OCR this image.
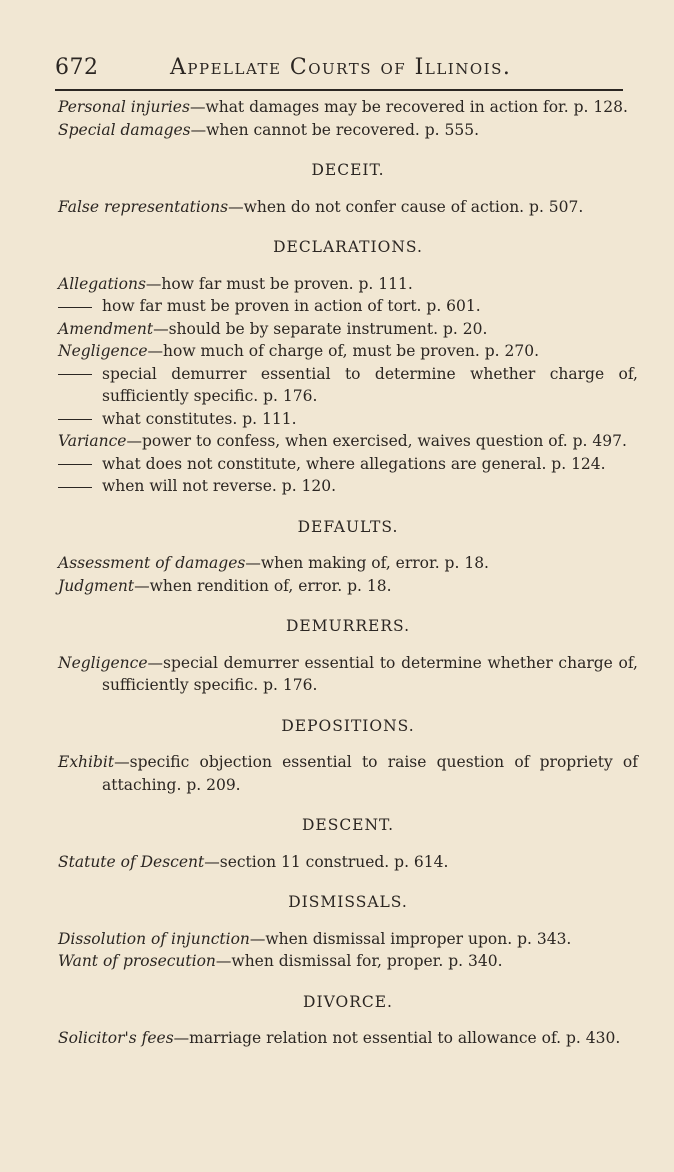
672	Appellate Courts of Illinois.

Personal injuries—what damages may be recovered in action for. p. 128.

Special damages—when cannot be recovered. p. 555.

DECEIT.

False representations—when do not confer cause of action. p. 507.

DECLARATIONS.

Allegations—how far must be proven. p. 111.

how far must be proven in action of tort. p. 601.

Amendment—should be by separate instrument. p. 20.

Negligence—how much of charge of, must be proven. p. 270.

special demurrer essential to determine whether charge of, sufficiently specific. p. 176.

what constitutes. p. 111.

Variance—power to confess, when exercised, waives question of. p. 497.

what does not constitute, where allegations are general. p. 124.

when will not reverse. p. 120.

DEFAULTS.

Assessment of damages—when making of, error. p. 18.

Judgment—when rendition of, error. p. 18.

DEMURRERS.

Negligence—special demurrer essential to determine whether charge of, sufficiently specific. p. 176.

DEPOSITIONS.

Exhibit—specific objection essential to raise question of propriety of attaching. p. 209.

DESCENT.

Statute of Descent—section 11 construed. p. 614.

DISMISSALS.

Dissolution of injunction—when dismissal improper upon. p. 343.

Want of prosecution—when dismissal for, proper. p. 340.

DIVORCE.

Solicitor's fees—marriage relation not essential to allowance of. p. 430.
